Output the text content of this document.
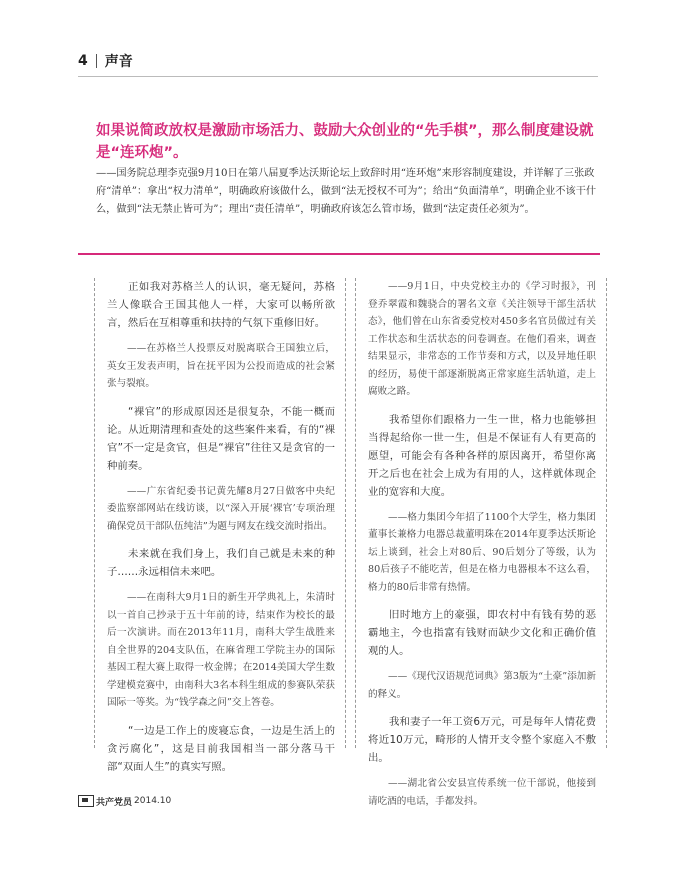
4 声音
如果说简政放权是激励市场活力、鼓励大众创业的“先手棋”，那么制度建设就是“连环炮”。
——国务院总理李克强9月10日在第八届夏季达沃斯论坛上致辞时用“连环炮”来形容制度建设，并详解了三张政府“清单”：拿出“权力清单”，明确政府该做什么，做到“法无授权不可为”；给出“负面清单”，明确企业不该干什么，做到“法无禁止皆可为”；理出“责任清单”，明确政府该怎么管市场，做到“法定责任必须为”。

正如我对苏格兰人的认识，毫无疑问，苏格兰人像联合王国其他人一样，大家可以畅所欲言，然后在互相尊重和扶持的气氛下重修旧好。

——在苏格兰人投票反对脱离联合王国独立后，英女王发表声明，旨在抚平因为公投而造成的社会紧张与裂痕。

“裸官”的形成原因还是很复杂，不能一概而论。从近期清理和查处的这些案件来看，有的“裸官”不一定是贪官，但是“裸官”往往又是贪官的一种前奏。

——广东省纪委书记黄先耀8月27日做客中央纪委监察部网站在线访谈，以“深入开展‘裸官’专项治理 确保党员干部队伍纯洁”为题与网友在线交流时指出。

未来就在我们身上，我们自己就是未来的种子……永远相信未来吧。

——在南科大9月1日的新生开学典礼上，朱清时以一首自己抄录于五十年前的诗，结束作为校长的最后一次演讲。而在2013年11月，南科大学生战胜来自全世界的204支队伍，在麻省理工学院主办的国际基因工程大赛上取得一枚金牌；在2014美国大学生数学建模竞赛中，由南科大3名本科生组成的参赛队荣获国际一等奖。为“钱学森之问”交上答卷。

“一边是工作上的废寝忘食，一边是生活上的贪污腐化”，这是目前我国相当一部分落马干部“双面人生”的真实写照。

——9月1日，中央党校主办的《学习时报》，刊登乔翠霞和魏骁合的署名文章《关注领导干部生活状态》，他们曾在山东省委党校对450多名官员做过有关工作状态和生活状态的问卷调查。在他们看来，调查结果显示，非常态的工作节奏和方式，以及异地任职的经历，易使干部逐渐脱离正常家庭生活轨道，走上腐败之路。

我希望你们跟格力一生一世，格力也能够担当得起给你一世一生，但是不保证有人有更高的愿望，可能会有各种各样的原因离开，希望你离开之后也在社会上成为有用的人，这样就体现企业的宽容和大度。

——格力集团今年招了1100个大学生，格力集团董事长兼格力电器总裁董明珠在2014年夏季达沃斯论坛上谈到，社会上对80后、90后划分了等级，认为80后孩子不能吃苦，但是在格力电器根本不这么看，格力的80后非常有热情。

旧时地方上的豪强，即农村中有钱有势的恶霸地主，今也指富有钱财而缺少文化和正确价值观的人。

——《现代汉语规范词典》第3版为“土豪”添加新的释义。

我和妻子一年工资6万元，可是每年人情花费将近10万元，畸形的人情开支令整个家庭入不敷出。

——湖北省公安县宣传系统一位干部说，他接到请吃酒的电话，手都发抖。

共产党员 2014.10
